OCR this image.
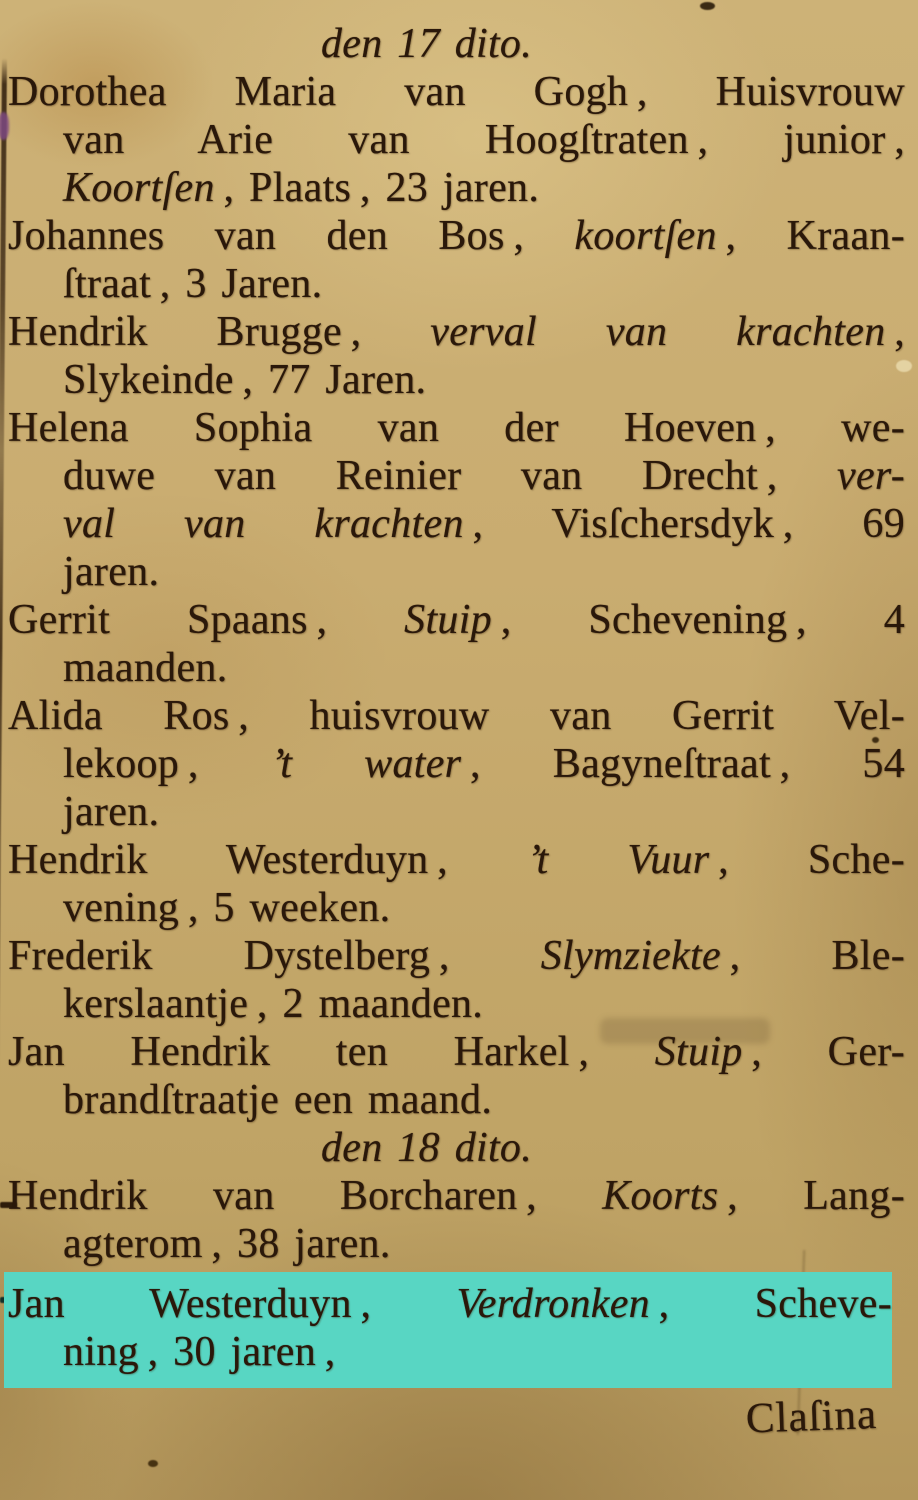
den 17 dito.
Dorothea Maria van Gogh , Huisvrouw
van Arie van Hoogſtraten , junior ,
Koortſen , Plaats , 23 jaren.
Johannes van den Bos , koortſen , Kraan-
ſtraat , 3 Jaren.
Hendrik Brugge , verval van krachten ,
Slykeinde , 77 Jaren.
Helena Sophia van der Hoeven , we-
duwe van Reinier van Drecht , ver-
val van krachten , Visſchersdyk , 69
jaren.
Gerrit Spaans , Stuip , Schevening , 4
maanden.
Alida Ros , huisvrouw van Gerrit Vel-
lekoop , ’t water , Bagyneſtraat , 54
jaren.
Hendrik Westerduyn , ’t Vuur , Sche-
vening , 5 weeken.
Frederik Dystelberg , Slymziekte , Ble-
kerslaantje , 2 maanden.
Jan Hendrik ten Harkel , Stuip , Ger-
brandſtraatje een maand.
den 18 dito.
Hendrik van Borcharen , Koorts , Lang-
agterom , 38 jaren.
Jan Westerduyn , Verdronken , Scheve-
ning , 30 jaren ,
Claſina
